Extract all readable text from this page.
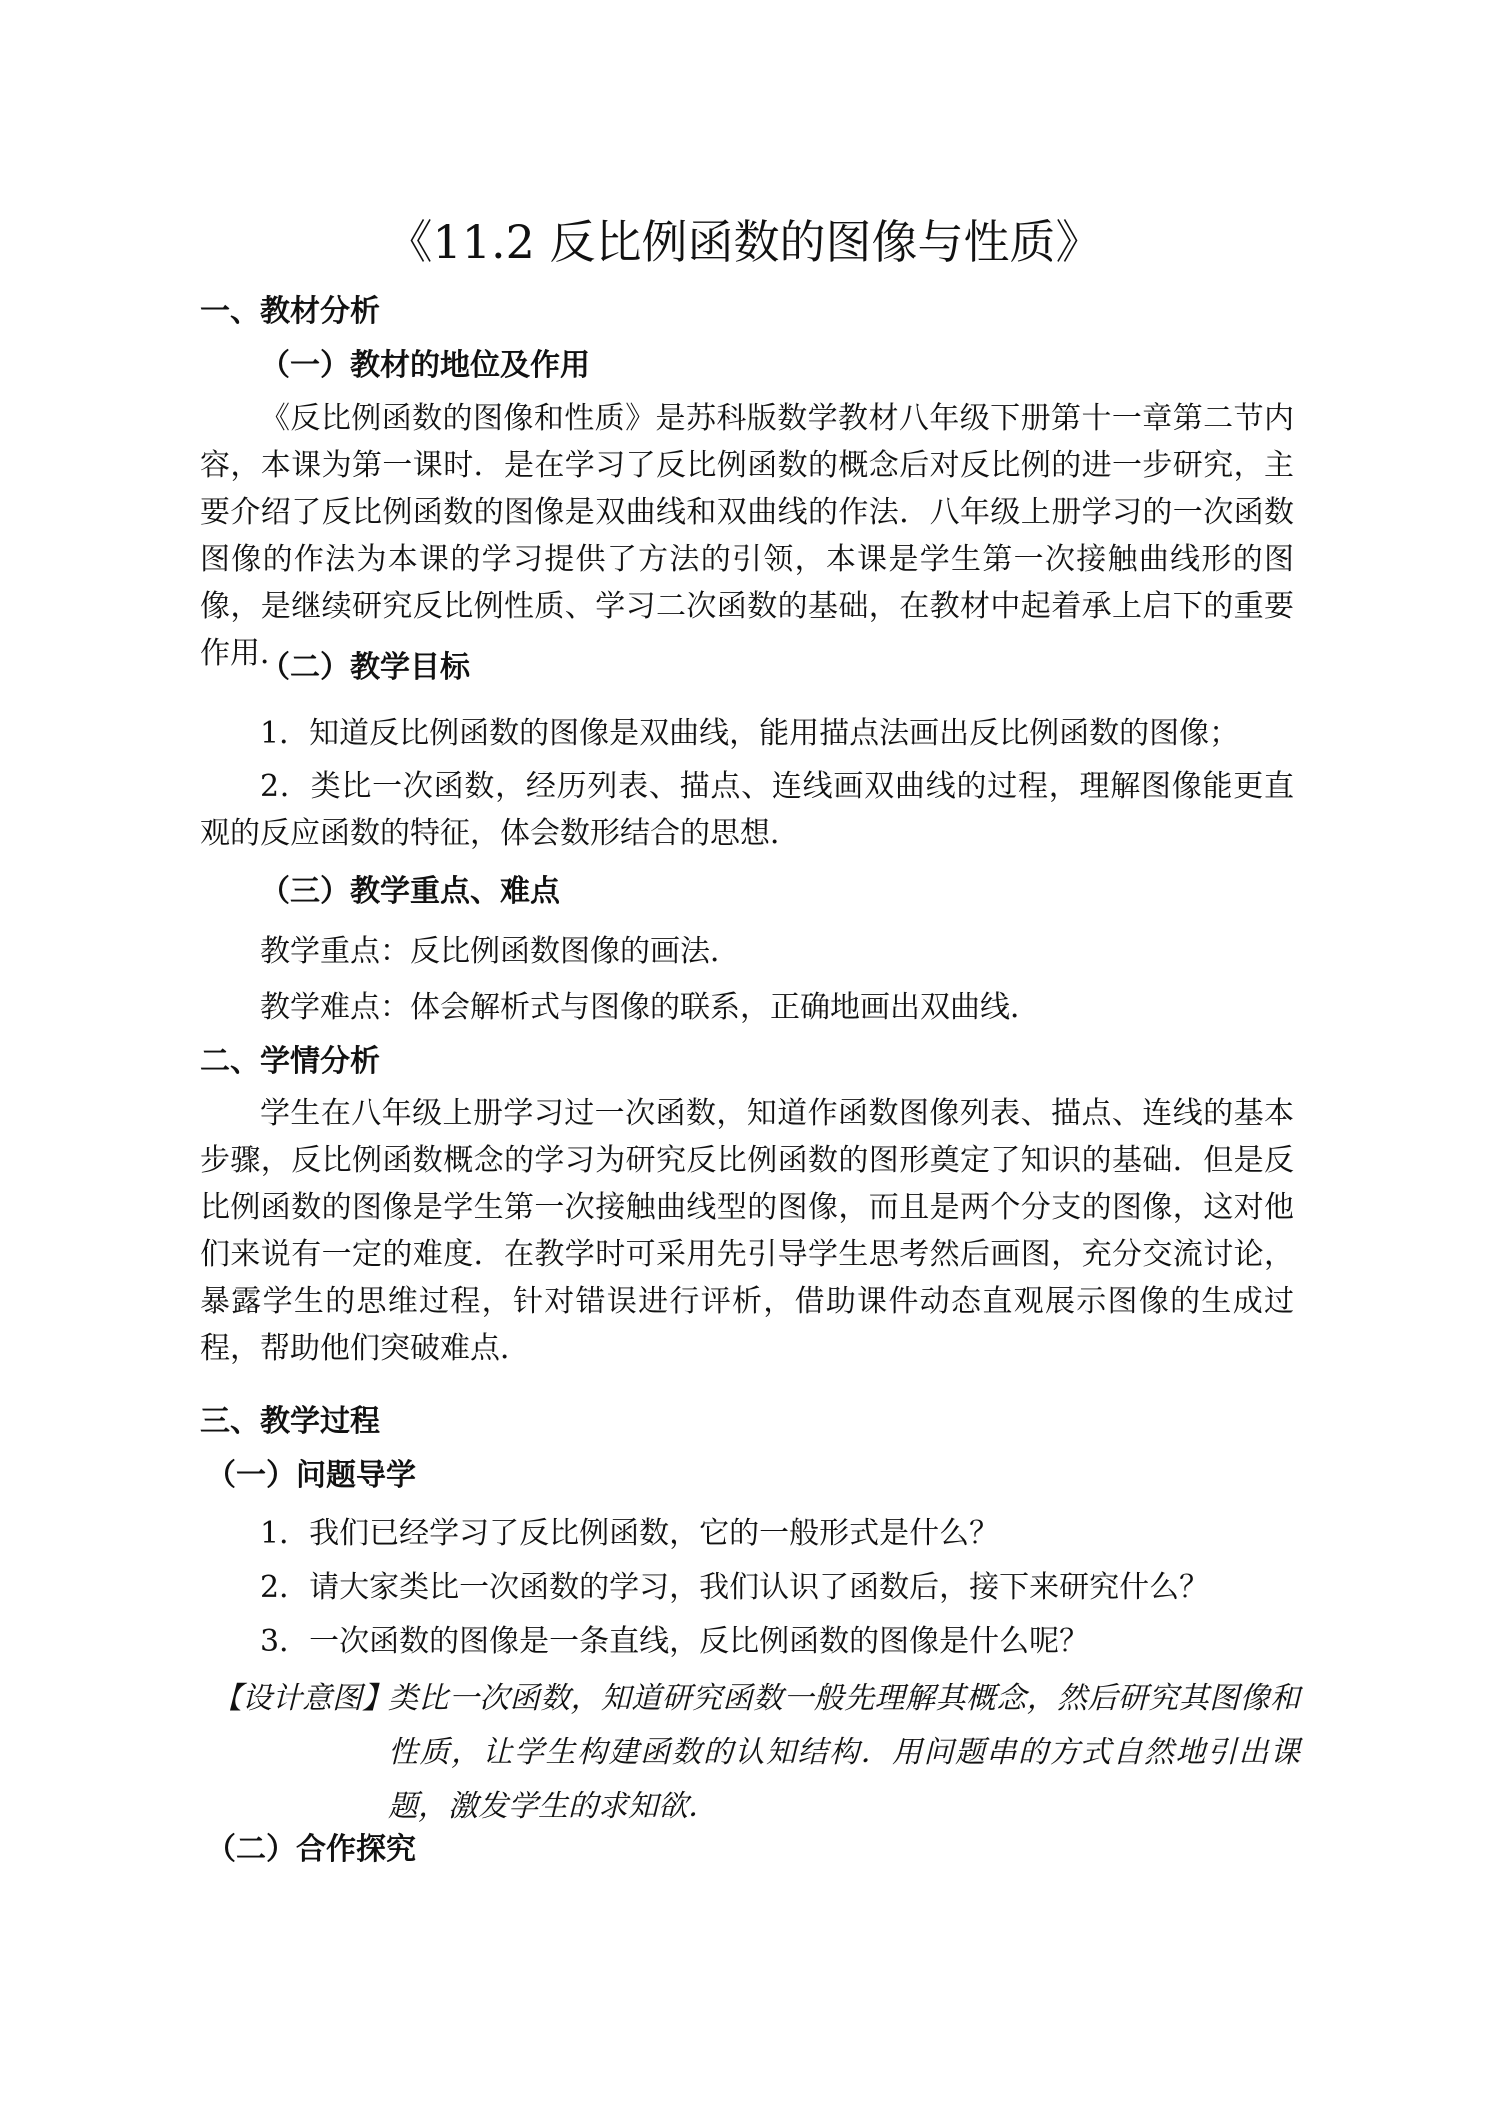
《11.2 反比例函数的图像与性质》
一、教材分析
（一）教材的地位及作用

《反比例函数的图像和性质》是苏科版数学教材八年级下册第十一章第二节内容，本课为第一课时．是在学习了反比例函数的概念后对反比例的进一步研究，主要介绍了反比例函数的图像是双曲线和双曲线的作法．八年级上册学习的一次函数图像的作法为本课的学习提供了方法的引领，本课是学生第一次接触曲线形的图像，是继续研究反比例性质、学习二次函数的基础，在教材中起着承上启下的重要作用．

（二）教学目标

1．知道反比例函数的图像是双曲线，能用描点法画出反比例函数的图像；

2．类比一次函数，经历列表、描点、连线画双曲线的过程，理解图像能更直观的反应函数的特征，体会数形结合的思想．

（三）教学重点、难点

教学重点：反比例函数图像的画法．

教学难点：体会解析式与图像的联系，正确地画出双曲线．

二、学情分析

学生在八年级上册学习过一次函数，知道作函数图像列表、描点、连线的基本步骤，反比例函数概念的学习为研究反比例函数的图形奠定了知识的基础．但是反比例函数的图像是学生第一次接触曲线型的图像，而且是两个分支的图像，这对他们来说有一定的难度．在教学时可采用先引导学生思考然后画图，充分交流讨论，暴露学生的思维过程，针对错误进行评析，借助课件动态直观展示图像的生成过程，帮助他们突破难点．

三、教学过程
（一）问题导学

1．我们已经学习了反比例函数，它的一般形式是什么？

2．请大家类比一次函数的学习，我们认识了函数后，接下来研究什么？

3．一次函数的图像是一条直线，反比例函数的图像是什么呢？

【设计意图】
类比一次函数，知道研究函数一般先理解其概念，然后研究其图像和性质，让学生构建函数的认知结构．用问题串的方式自然地引出课题，激发学生的求知欲．
（二）合作探究
